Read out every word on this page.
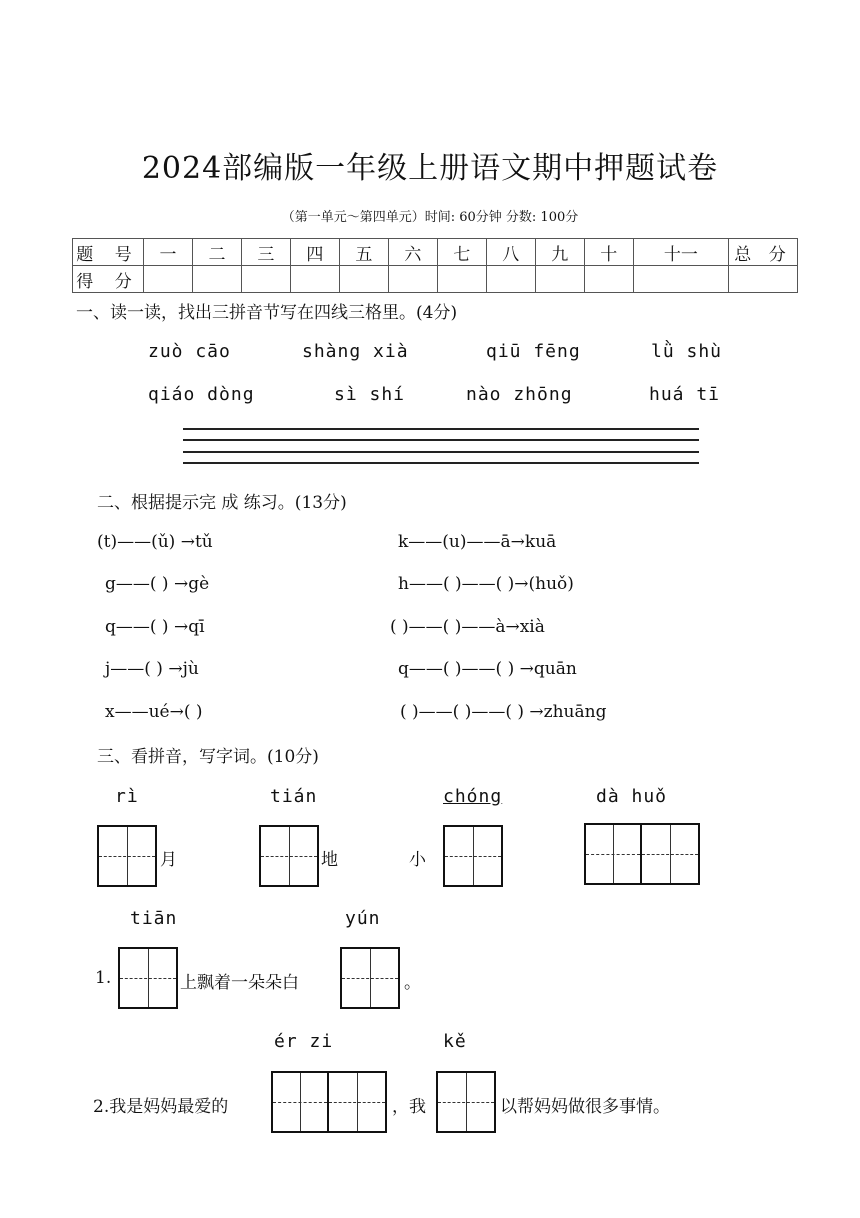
2024部编版一年级上册语文期中押题试卷
（第一单元～第四单元）时间: 60分钟 分数: 100分
题 号	一	二	三	四	五	六	七	八	九	十	十一	总 分
得 分												
一、读一读，找出三拼音节写在四线三格里。(4分)
zuò cāo	shàng xià	qiū fēng	lǜ shù
qiáo dòng	sì shí	nào zhōng	huá tī
二、根据提示完 成 练习。(13分)
(t)——(ǔ) →tǔ
g——( ) →gè
q——( ) →qī
j——( ) →jù
x——ué→( )
k——(u)——ā→kuā
h——( )——( )→(huǒ)
( )——( )——à→xià
q——( )——( ) →quān
( )——( )——( ) →zhuāng
三、看拼音，写字词。(10分)
rì	tián	chóng	dà huǒ
月	地	小
tiān	yún
1.	上飘着一朵朵白	。
ér zi	kě
2.我是妈妈最爱的	，我	以帮妈妈做很多事情。
